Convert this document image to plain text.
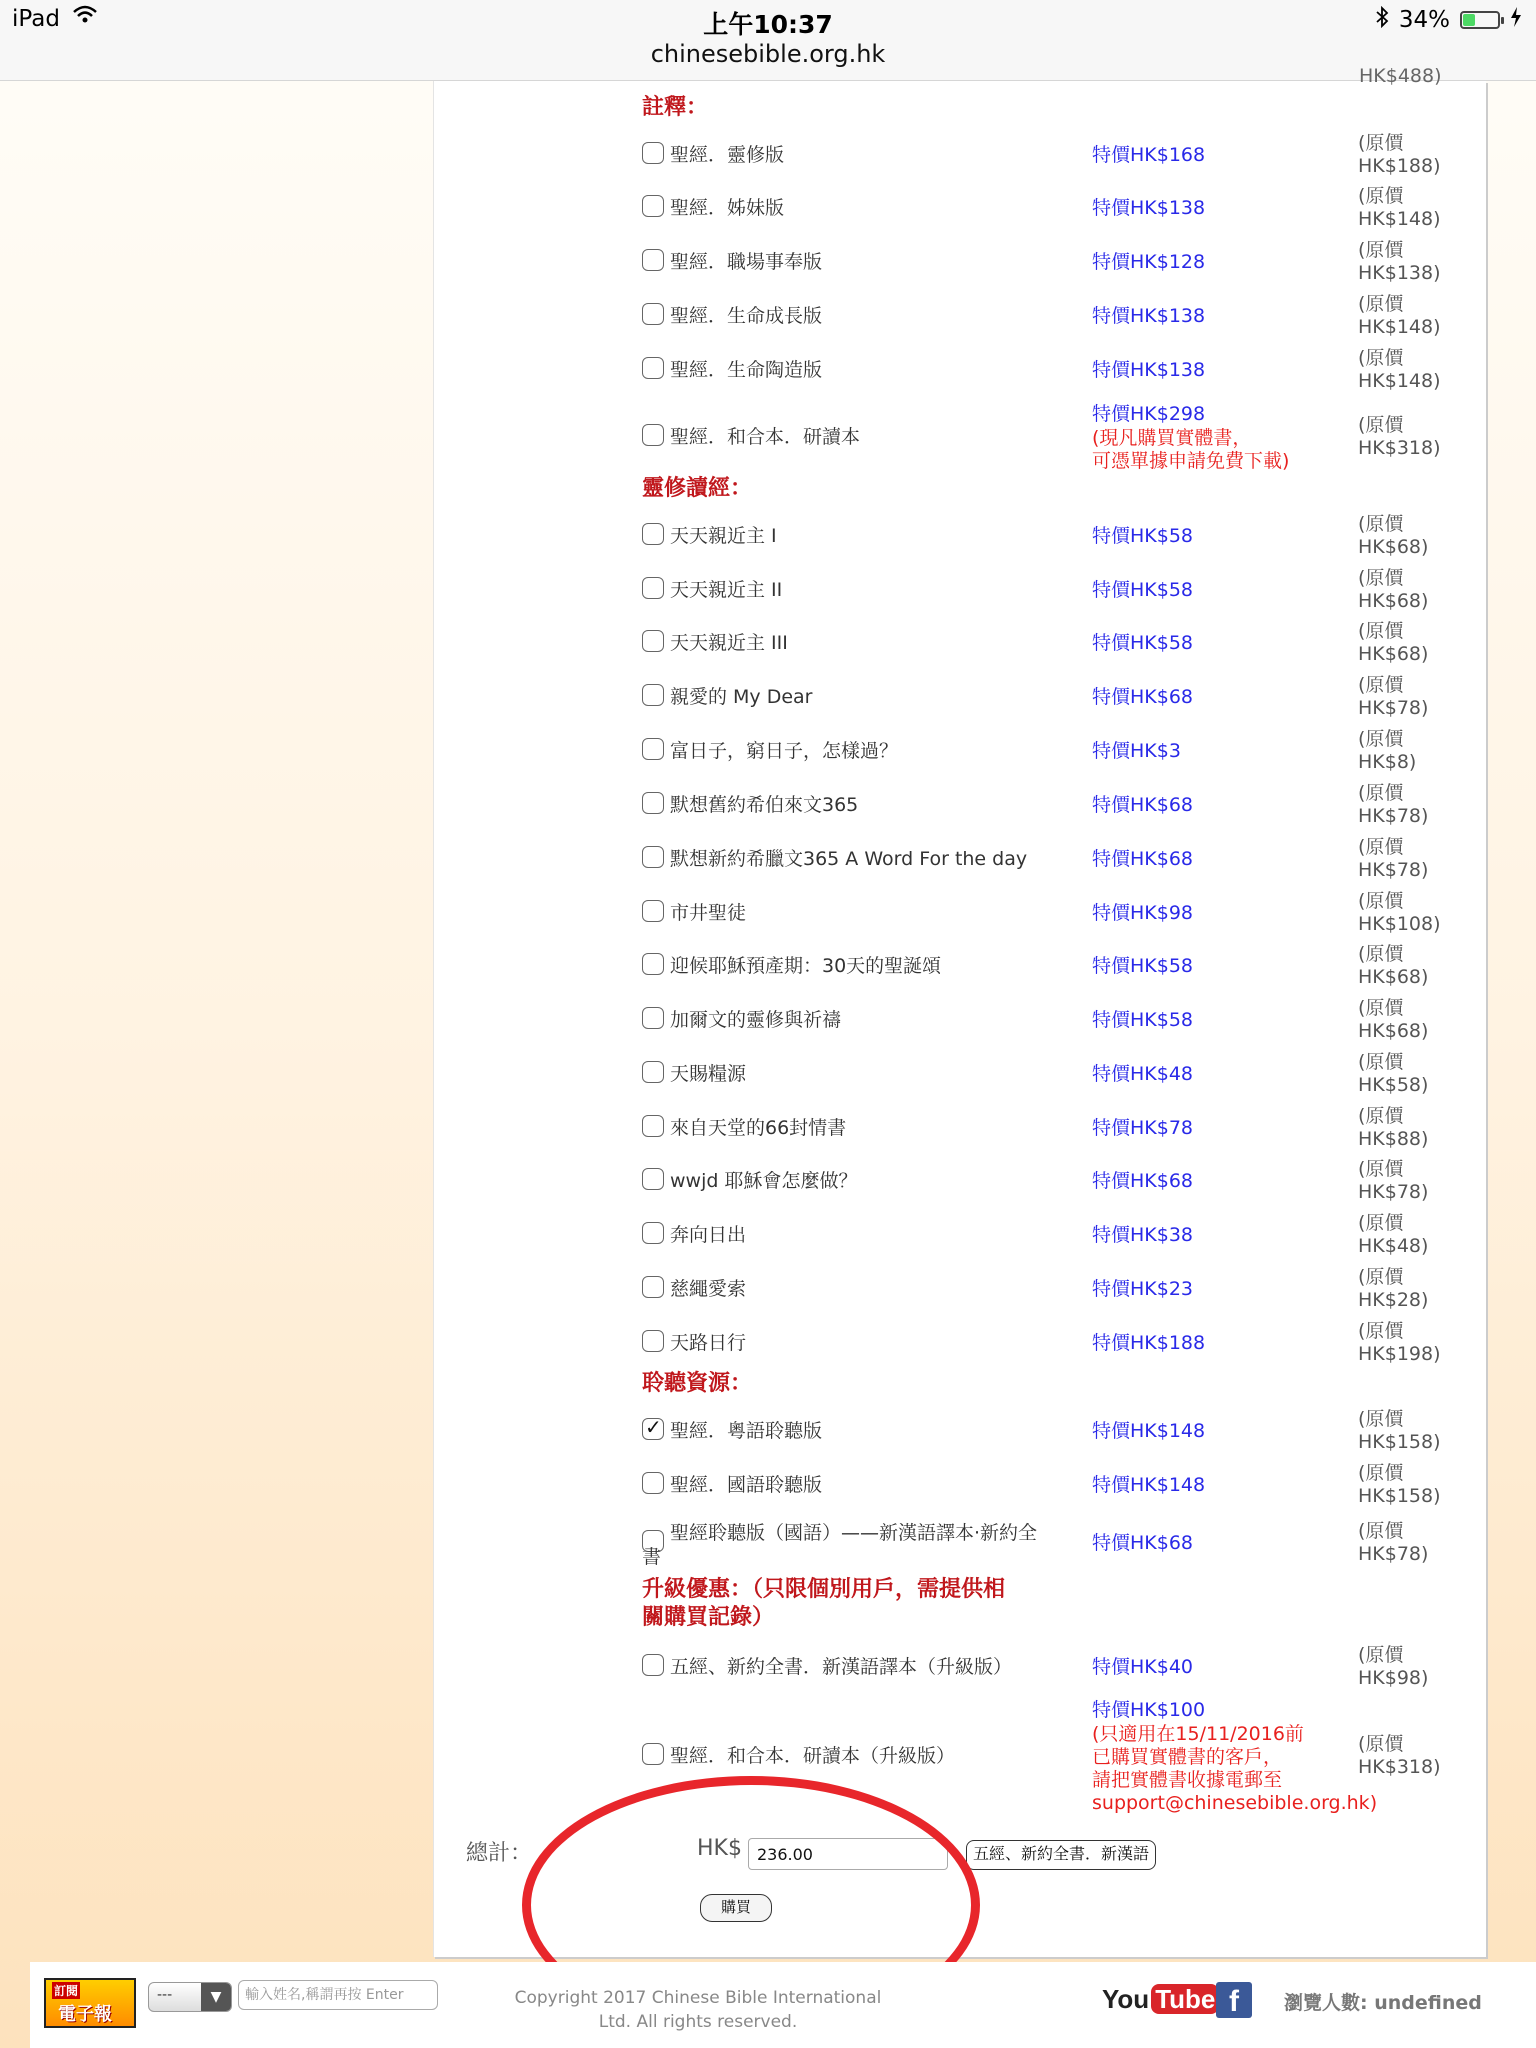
iPad	上午10:37
chinesebible.org.hk
34%
HK$488)
註釋：
聖經．靈修版	特價HK$168
(原價
HK$188)
聖經．姊妹版	特價HK$138
(原價
HK$148)
聖經．職場事奉版	特價HK$128
(原價
HK$138)
聖經．生命成長版	特價HK$138
(原價
HK$148)
聖經．生命陶造版	特價HK$138
(原價
HK$148)
聖經．和合本．研讀本
特價HK$298
(現凡購買實體書，
可憑單據申請免費下載)
(原價
HK$318)
靈修讀經：
天天親近主 I	特價HK$58
(原價
HK$68)
天天親近主 II	特價HK$58
(原價
HK$68)
天天親近主 III	特價HK$58
(原價
HK$68)
親愛的 My Dear	特價HK$68
(原價
HK$78)
富日子，窮日子，怎樣過？	特價HK$3
(原價
HK$8)
默想舊約希伯來文365	特價HK$68
(原價
HK$78)
默想新約希臘文365 A Word For the day	特價HK$68
(原價
HK$78)
市井聖徒	特價HK$98
(原價
HK$108)
迎候耶穌預產期：30天的聖誕頌	特價HK$58
(原價
HK$68)
加爾文的靈修與祈禱	特價HK$58
(原價
HK$68)
天賜糧源	特價HK$48
(原價
HK$58)
來自天堂的66封情書	特價HK$78
(原價
HK$88)
wwjd 耶穌會怎麼做？	特價HK$68
(原價
HK$78)
奔向日出	特價HK$38
(原價
HK$48)
慈繩愛索	特價HK$23
(原價
HK$28)
天路日行	特價HK$188
(原價
HK$198)
聆聽資源：
✓
聖經．粵語聆聽版	特價HK$148
(原價
HK$158)
聖經．國語聆聽版	特價HK$148
(原價
HK$158)
聖經聆聽版（國語）——新漢語譯本·新約全
書
特價HK$68
(原價
HK$78)
升級優惠：（只限個別用戶，需提供相
關購買記錄）
五經、新約全書．新漢語譯本（升級版）	特價HK$40
(原價
HK$98)
聖經．和合本．研讀本（升級版）
特價HK$100
(只適用在15/11/2016前
已購買實體書的客戶，
請把實體書收據電郵至
support@chinesebible.org.hk)
(原價
HK$318)
總計：	HK$
236.00	五經、新約全書．新漢語
購買
訂閱
電子報
---	▼	輸入姓名,稱謂再按 Enter	Copyright 2017 Chinese Bible International Ltd. All rights reserved.
You Tube f	瀏覽人數: undefined
